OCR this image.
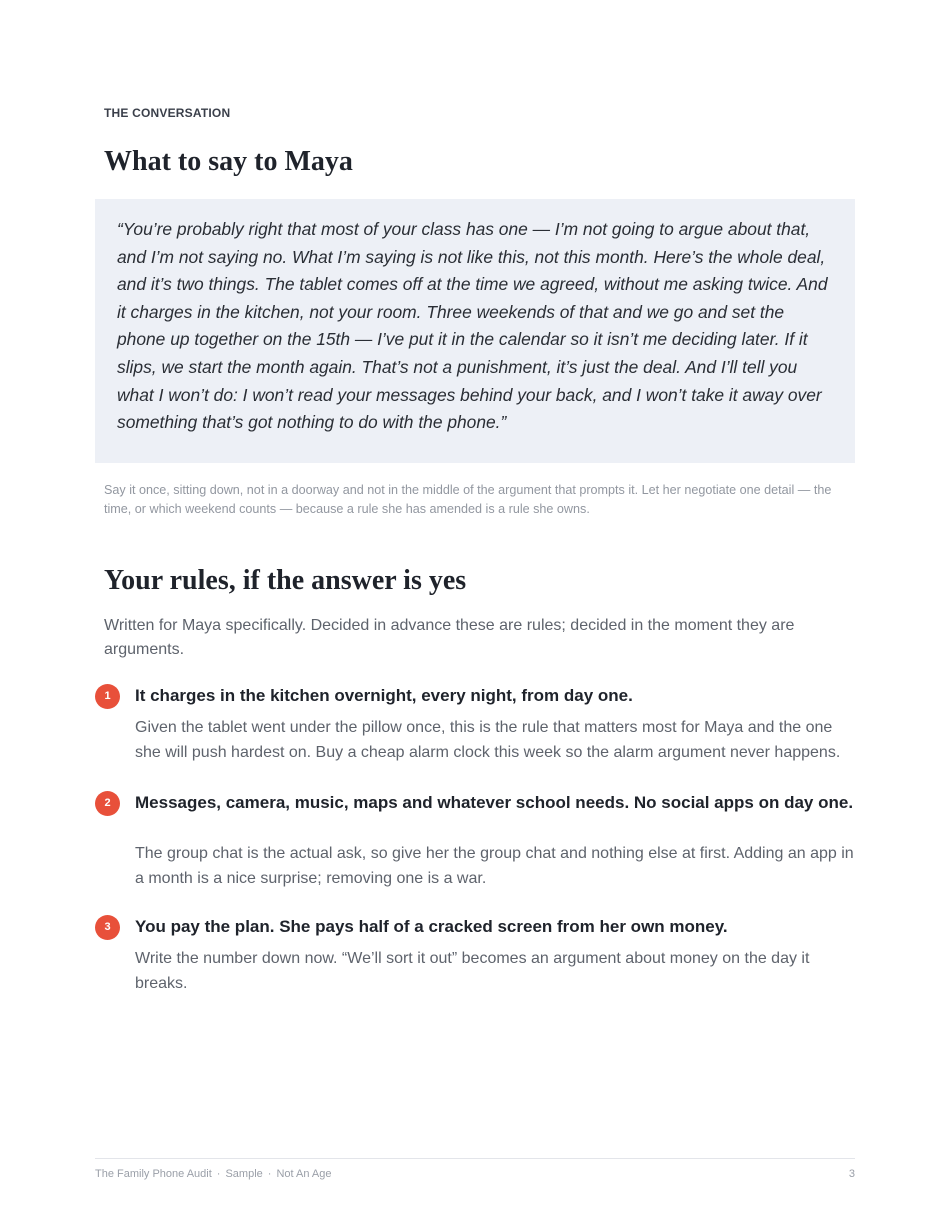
THE CONVERSATION

What to say to Maya

“You’re probably right that most of your class has one — I’m not going to argue about that, and I’m not saying no. What I’m saying is not like this, not this month. Here’s the whole deal, and it’s two things. The tablet comes off at the time we agreed, without me asking twice. And it charges in the kitchen, not your room. Three weekends of that and we go and set the phone up together on the 15th — I’ve put it in the calendar so it isn’t me deciding later. If it slips, we start the month again. That’s not a punishment, it’s just the deal. And I’ll tell you what I won’t do: I won’t read your messages behind your back, and I won’t take it away over something that’s got nothing to do with the phone.”

Say it once, sitting down, not in a doorway and not in the middle of the argument that prompts it. Let her negotiate one detail — the time, or which weekend counts — because a rule she has amended is a rule she owns.

Your rules, if the answer is yes

Written for Maya specifically. Decided in advance these are rules; decided in the moment they are arguments.

1	It charges in the kitchen overnight, every night, from day one.

Given the tablet went under the pillow once, this is the rule that matters most for Maya and the one she will push hardest on. Buy a cheap alarm clock this week so the alarm argument never happens.

2	Messages, camera, music, maps and whatever school needs. No social apps on day one.

The group chat is the actual ask, so give her the group chat and nothing else at first. Adding an app in a month is a nice surprise; removing one is a war.

3	You pay the plan. She pays half of a cracked screen from her own money.

Write the number down now. “We’ll sort it out” becomes an argument about money on the day it breaks.

The Family Phone Audit · Sample · Not An Age	3
